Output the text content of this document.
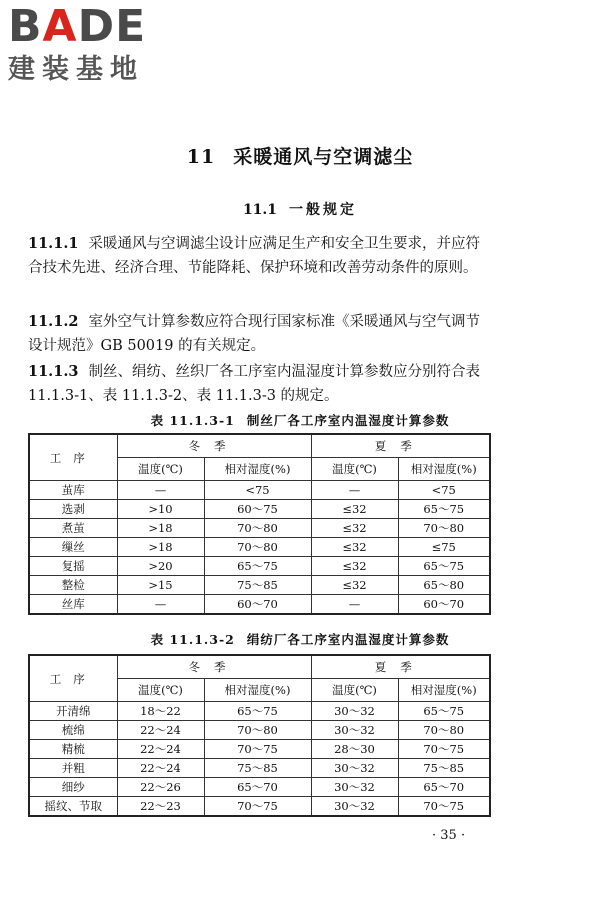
BADE
建装基地
11 采暖通风与空调滤尘
11.1 一般规定

11.1.1 采暖通风与空调滤尘设计应满足生产和安全卫生要求，并应符合技术先进、经济合理、节能降耗、保护环境和改善劳动条件的原则。

11.1.2 室外空气计算参数应符合现行国家标准《采暖通风与空气调节设计规范》GB 50019 的有关规定。

11.1.3 制丝、绢纺、丝织厂各工序室内温湿度计算参数应分别符合表 11.1.3-1、表 11.1.3-2、表 11.1.3-3 的规定。

表 11.1.3-1 制丝厂各工序室内温湿度计算参数
工序	冬季		夏季	
	温度(℃)	相对湿度(%)	温度(℃)	相对湿度(%)
茧库	—	<75	—	<75
选剥	>10	60～75	≤32	65～75
煮茧	>18	70～80	≤32	70～80
缫丝	>18	70～80	≤32	≤75
复摇	>20	65～75	≤32	65～75
整检	>15	75～85	≤32	65～80
丝库	—	60～70	—	60～70
表 11.1.3-2 绢纺厂各工序室内温湿度计算参数
工序	冬季		夏季	
	温度(℃)	相对湿度(%)	温度(℃)	相对湿度(%)
开清绵	18～22	65～75	30～32	65～75
梳绵	22～24	70～80	30～32	70～80
精梳	22～24	70～75	28～30	70～75
并粗	22～24	75～85	30～32	75～85
细纱	22～26	65～70	30～32	65～70
摇纹、节取	22～23	70～75	30～32	70～75
· 35 ·
